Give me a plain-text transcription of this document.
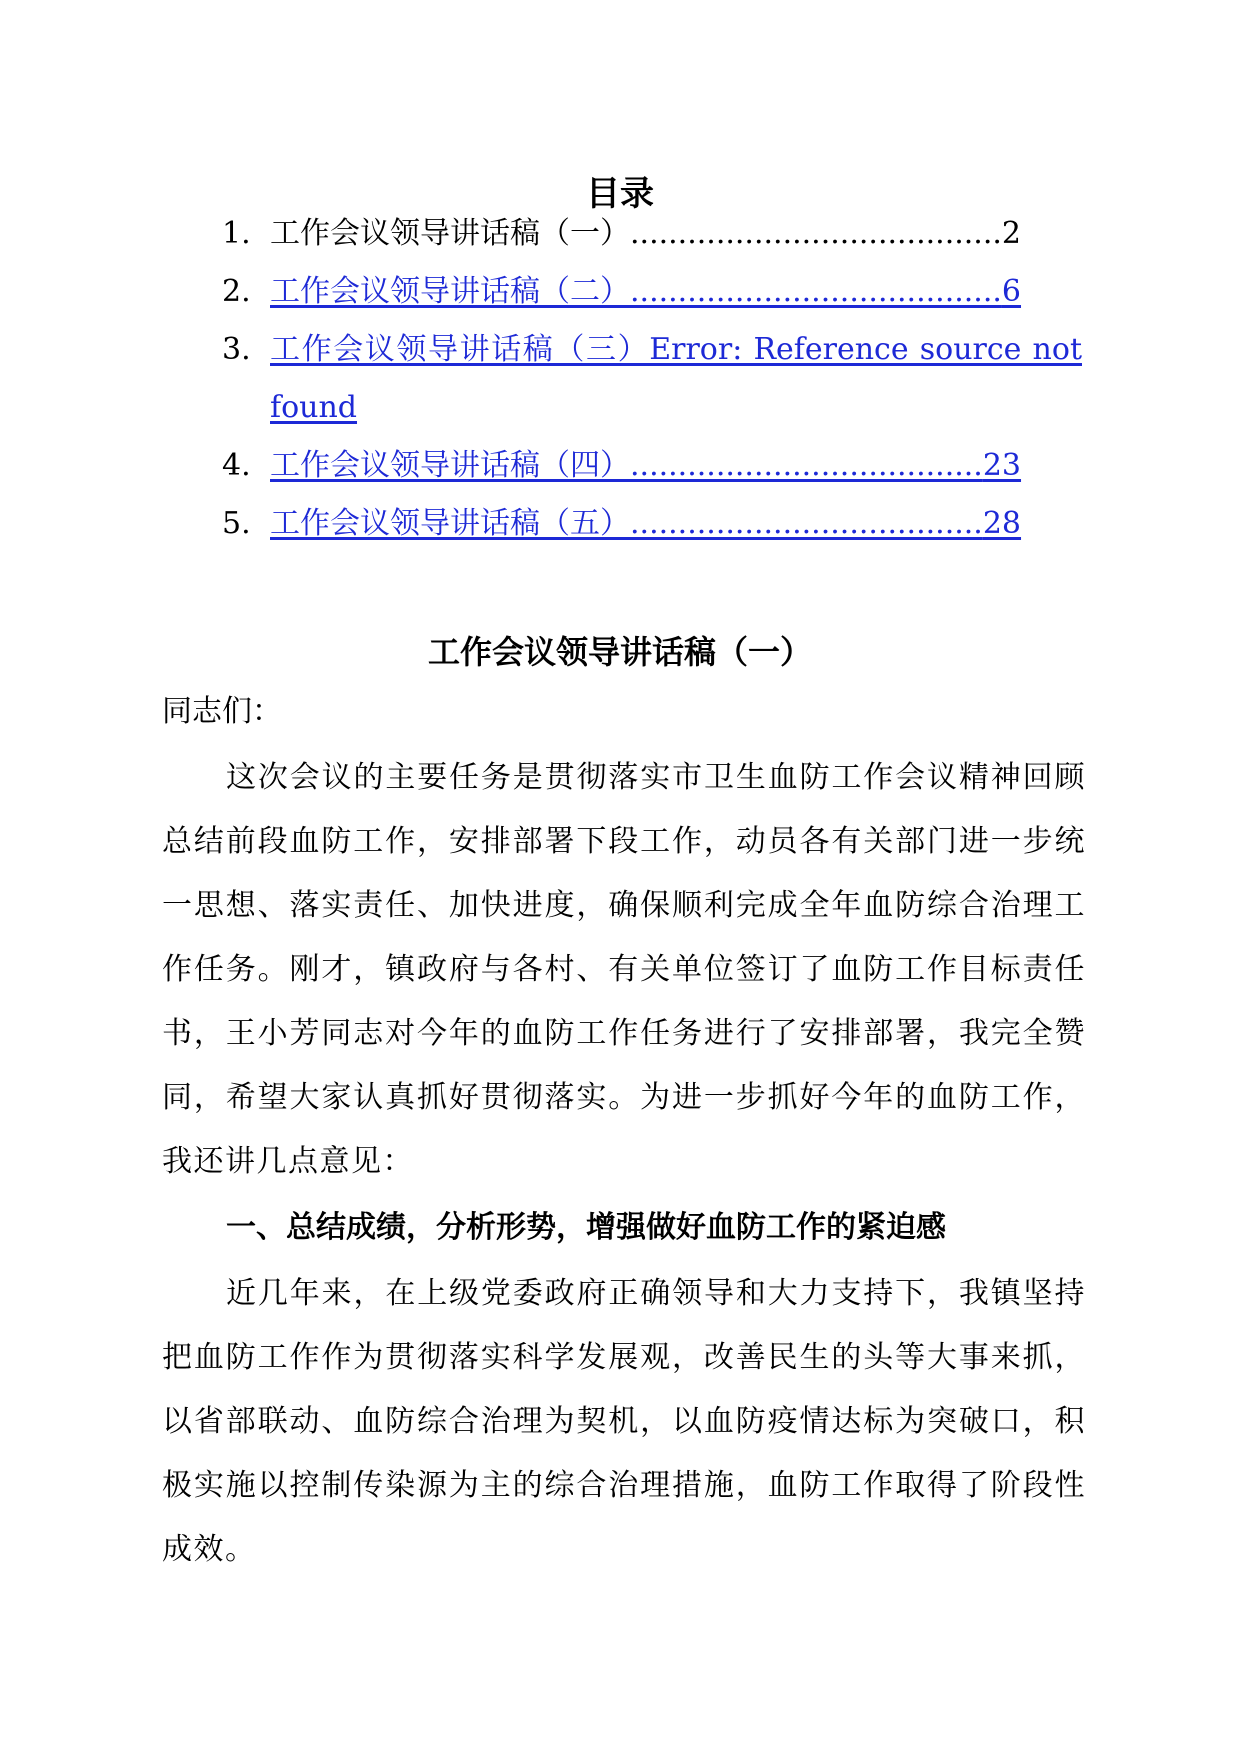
目录
1. 工作会议领导讲话稿（一）.......................................2
2. 工作会议领导讲话稿（二）.......................................6
3. 工作会议领导讲话稿（三）Error: Reference source not
found
4. 工作会议领导讲话稿（四）.....................................23
5. 工作会议领导讲话稿（五）.....................................28
工作会议领导讲话稿（一）

同志们：

这次会议的主要任务是贯彻落实市卫生血防工作会议精神回顾总结前段血防工作，安排部署下段工作，动员各有关部门进一步统一思想、落实责任、加快进度，确保顺利完成全年血防综合治理工作任务。刚才，镇政府与各村、有关单位签订了血防工作目标责任书，王小芳同志对今年的血防工作任务进行了安排部署，我完全赞同，希望大家认真抓好贯彻落实。为进一步抓好今年的血防工作，我还讲几点意见：

一、总结成绩，分析形势，增强做好血防工作的紧迫感

近几年来，在上级党委政府正确领导和大力支持下，我镇坚持把血防工作作为贯彻落实科学发展观，改善民生的头等大事来抓，以省部联动、血防综合治理为契机，以血防疫情达标为突破口，积极实施以控制传染源为主的综合治理措施，血防工作取得了阶段性成效。
